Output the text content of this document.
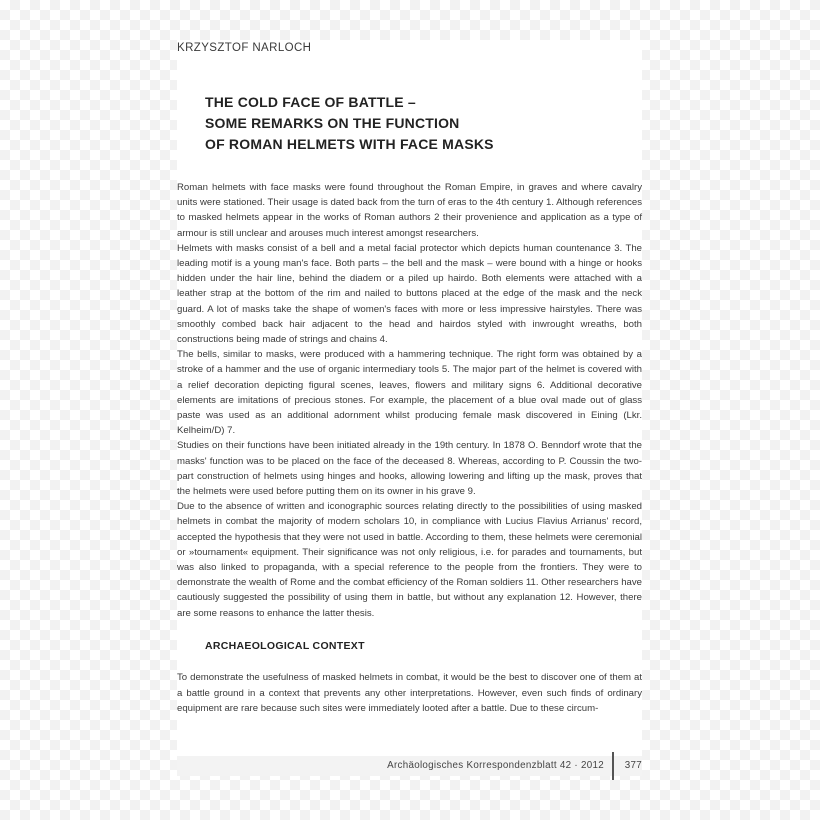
KRZYSZTOF NARLOCH
THE COLD FACE OF BATTLE –
SOME REMARKS ON THE FUNCTION
OF ROMAN HELMETS WITH FACE MASKS

Roman helmets with face masks were found throughout the Roman Empire, in graves and where cavalry units were stationed. Their usage is dated back from the turn of eras to the 4th century 1. Although references to masked helmets appear in the works of Roman authors 2 their provenience and application as a type of armour is still unclear and arouses much interest amongst researchers.

Helmets with masks consist of a bell and a metal facial protector which depicts human countenance 3. The leading motif is a young man's face. Both parts – the bell and the mask – were bound with a hinge or hooks hidden under the hair line, behind the diadem or a piled up hairdo. Both elements were attached with a leather strap at the bottom of the rim and nailed to buttons placed at the edge of the mask and the neck guard. A lot of masks take the shape of women's faces with more or less impressive hairstyles. There was smoothly combed back hair adjacent to the head and hairdos styled with inwrought wreaths, both constructions being made of strings and chains 4.

The bells, similar to masks, were produced with a hammering technique. The right form was obtained by a stroke of a hammer and the use of organic intermediary tools 5. The major part of the helmet is covered with a relief decoration depicting figural scenes, leaves, flowers and military signs 6. Additional decorative elements are imitations of precious stones. For example, the placement of a blue oval made out of glass paste was used as an additional adornment whilst producing female mask discovered in Eining (Lkr. Kelheim/D) 7.

Studies on their functions have been initiated already in the 19th century. In 1878 O. Benndorf wrote that the masks' function was to be placed on the face of the deceased 8. Whereas, according to P. Coussin the two-part construction of helmets using hinges and hooks, allowing lowering and lifting up the mask, proves that the helmets were used before putting them on its owner in his grave 9.

Due to the absence of written and iconographic sources relating directly to the possibilities of using masked helmets in combat the majority of modern scholars 10, in compliance with Lucius Flavius Arrianus' record, accepted the hypothesis that they were not used in battle. According to them, these helmets were ceremonial or »tournament« equipment. Their significance was not only religious, i.e. for parades and tournaments, but was also linked to propaganda, with a special reference to the people from the frontiers. They were to demonstrate the wealth of Rome and the combat efficiency of the Roman soldiers 11. Other researchers have cautiously suggested the possibility of using them in battle, but without any explanation 12. However, there are some reasons to enhance the latter thesis.

ARCHAEOLOGICAL CONTEXT

To demonstrate the usefulness of masked helmets in combat, it would be the best to discover one of them at a battle ground in a context that prevents any other interpretations. However, even such finds of ordinary equipment are rare because such sites were immediately looted after a battle. Due to these circum-

Archäologisches Korrespondenzblatt 42 · 2012 377
